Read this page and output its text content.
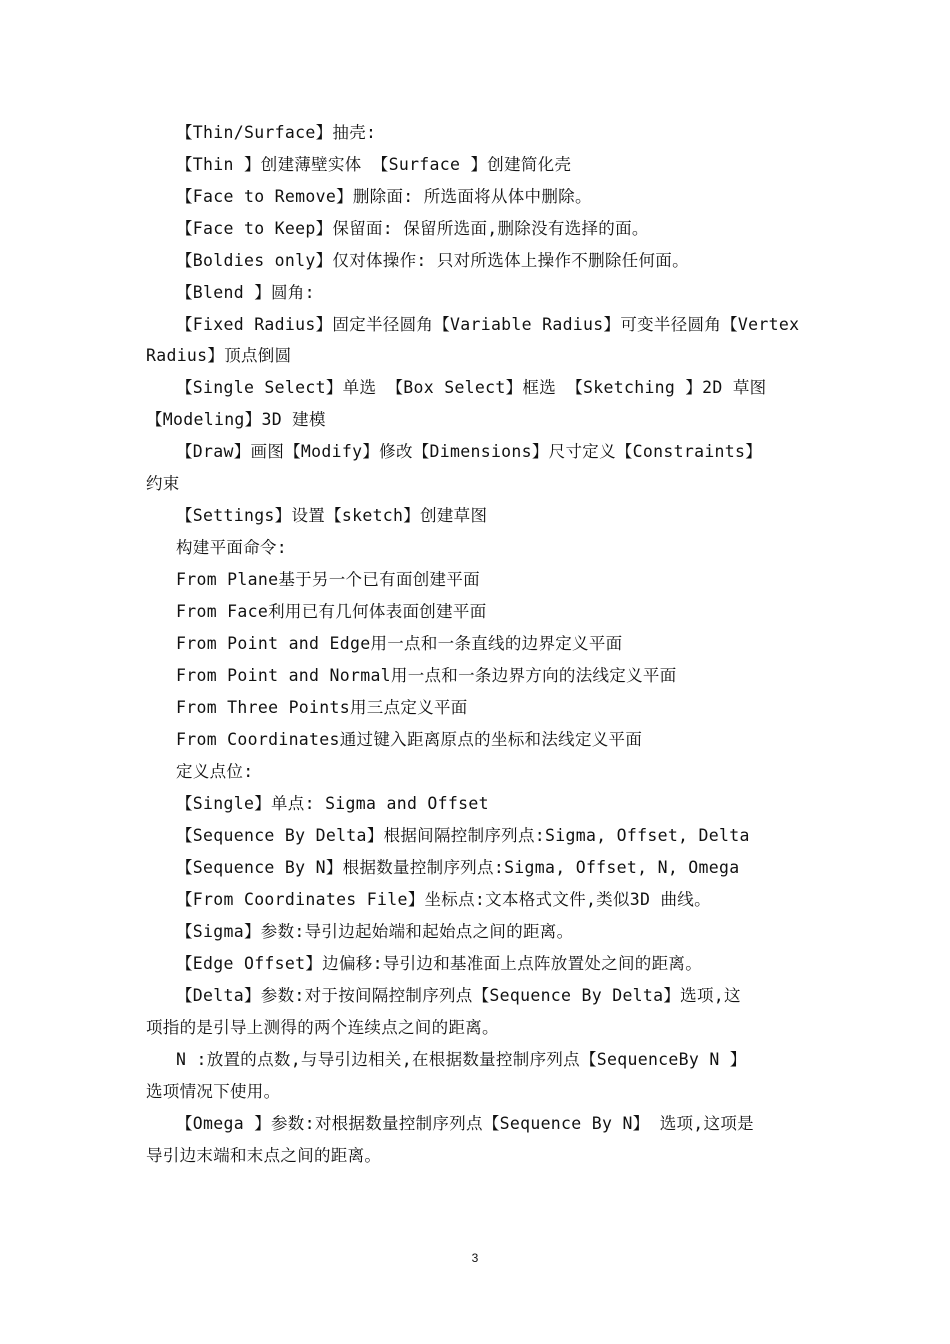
【Thin/Surface】抽壳:
【Thin 】创建薄壁实体 【Surface 】创建简化壳
【Face to Remove】删除面: 所选面将从体中删除。
【Face to Keep】保留面: 保留所选面,删除没有选择的面。
【Boldies only】仅对体操作: 只对所选体上操作不删除任何面。
【Blend 】圆角:
【Fixed Radius】固定半径圆角【Variable Radius】可变半径圆角【Vertex
Radius】顶点倒圆
【Single Select】单选 【Box Select】框选 【Sketching 】2D 草图
【Modeling】3D 建模
【Draw】画图【Modify】修改【Dimensions】尺寸定义【Constraints】
约束
【Settings】设置【sketch】创建草图
构建平面命令:
From Plane基于另一个已有面创建平面
From Face利用已有几何体表面创建平面
From Point and Edge用一点和一条直线的边界定义平面
From Point and Normal用一点和一条边界方向的法线定义平面
From Three Points用三点定义平面
From Coordinates通过键入距离原点的坐标和法线定义平面
定义点位:
【Single】单点: Sigma and Offset
【Sequence By Delta】根据间隔控制序列点:Sigma, Offset, Delta
【Sequence By N】根据数量控制序列点:Sigma, Offset, N, Omega
【From Coordinates File】坐标点:文本格式文件,类似3D 曲线。
【Sigma】参数:导引边起始端和起始点之间的距离。
【Edge Offset】边偏移:导引边和基准面上点阵放置处之间的距离。
【Delta】参数:对于按间隔控制序列点【Sequence By Delta】选项,这
项指的是引导上测得的两个连续点之间的距离。
N :放置的点数,与导引边相关,在根据数量控制序列点【SequenceBy N 】
选项情况下使用。
【Omega 】参数:对根据数量控制序列点【Sequence By N】 选项,这项是
导引边末端和末点之间的距离。
3
